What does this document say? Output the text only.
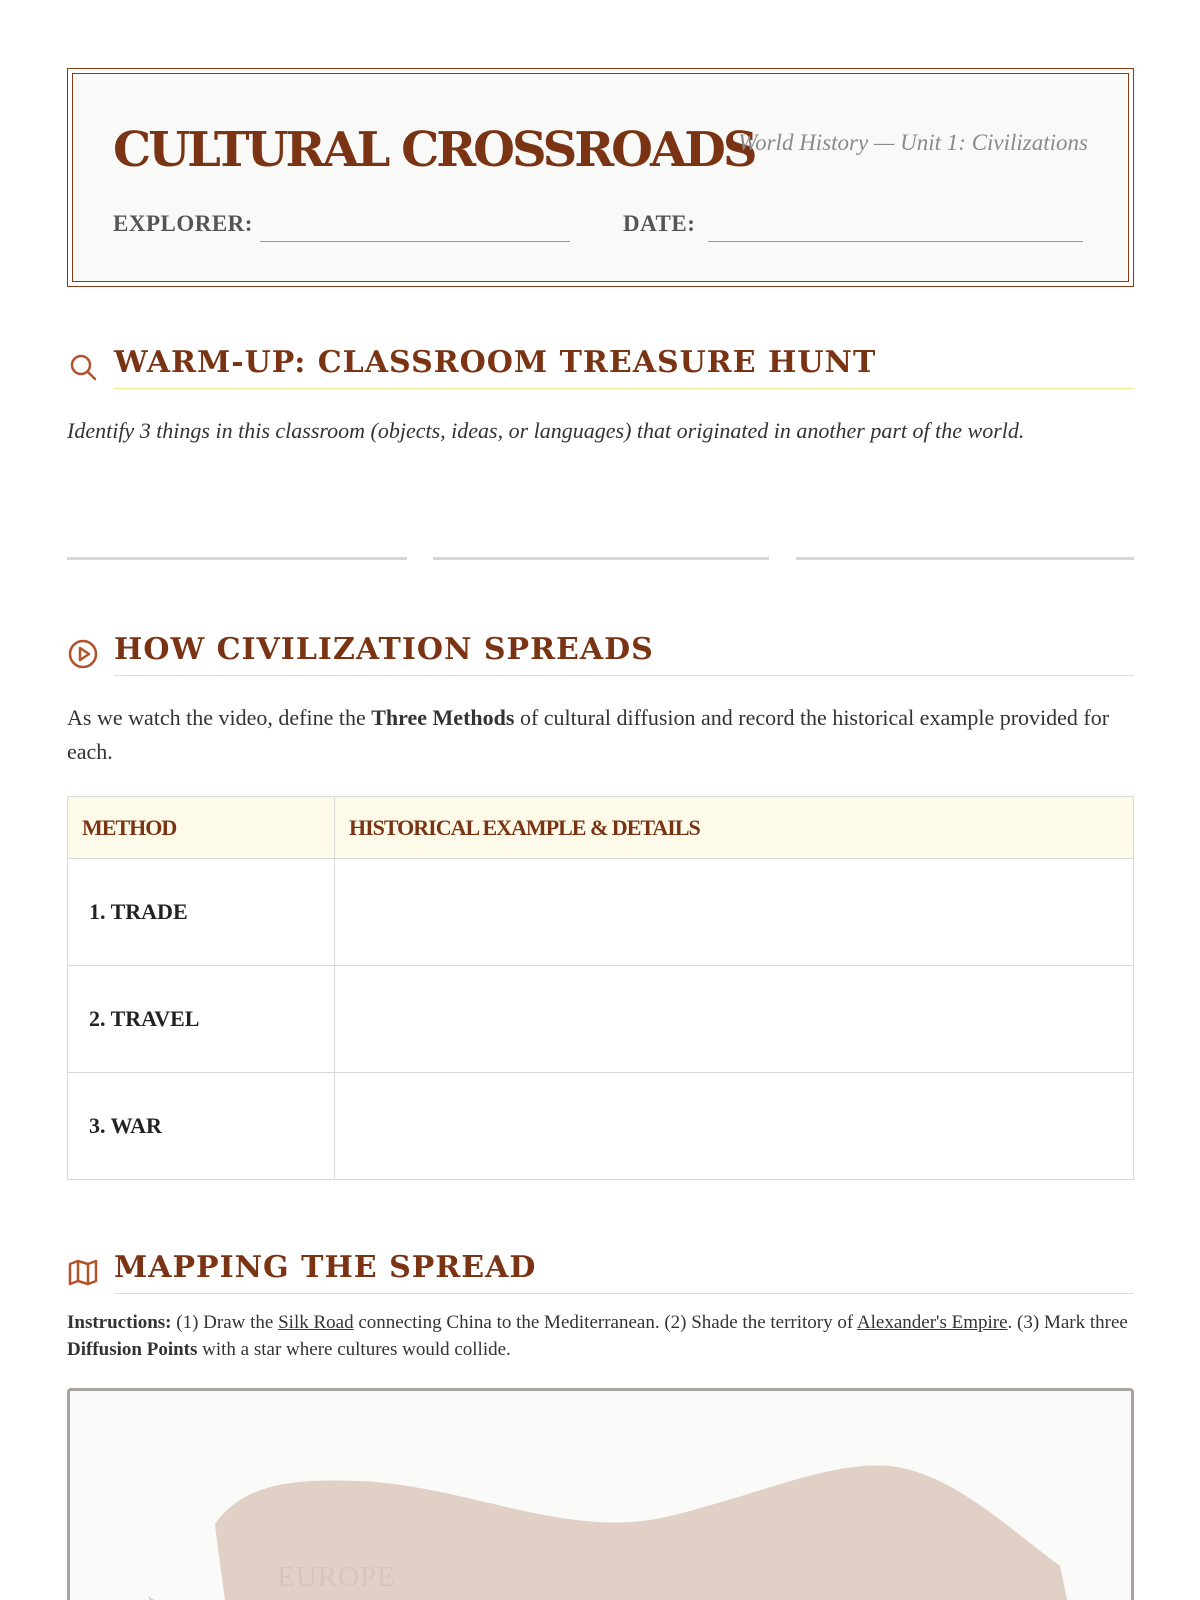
CULTURAL CROSSROADS
World History — Unit 1: Civilizations
EXPLORER:	DATE:
WARM-UP: CLASSROOM TREASURE HUNT
Identify 3 things in this classroom (objects, ideas, or languages) that originated in another part of the world.
HOW CIVILIZATION SPREADS
As we watch the video, define the Three Methods of cultural diffusion and record the historical example provided for each.
METHOD	HISTORICAL EXAMPLE & DETAILS
1. TRADE	
2. TRAVEL	
3. WAR	
MAPPING THE SPREAD
Instructions: (1) Draw the Silk Road connecting China to the Mediterranean. (2) Shade the territory of Alexander's Empire. (3) Mark three Diffusion Points with a star where cultures would collide.
EUROPE
